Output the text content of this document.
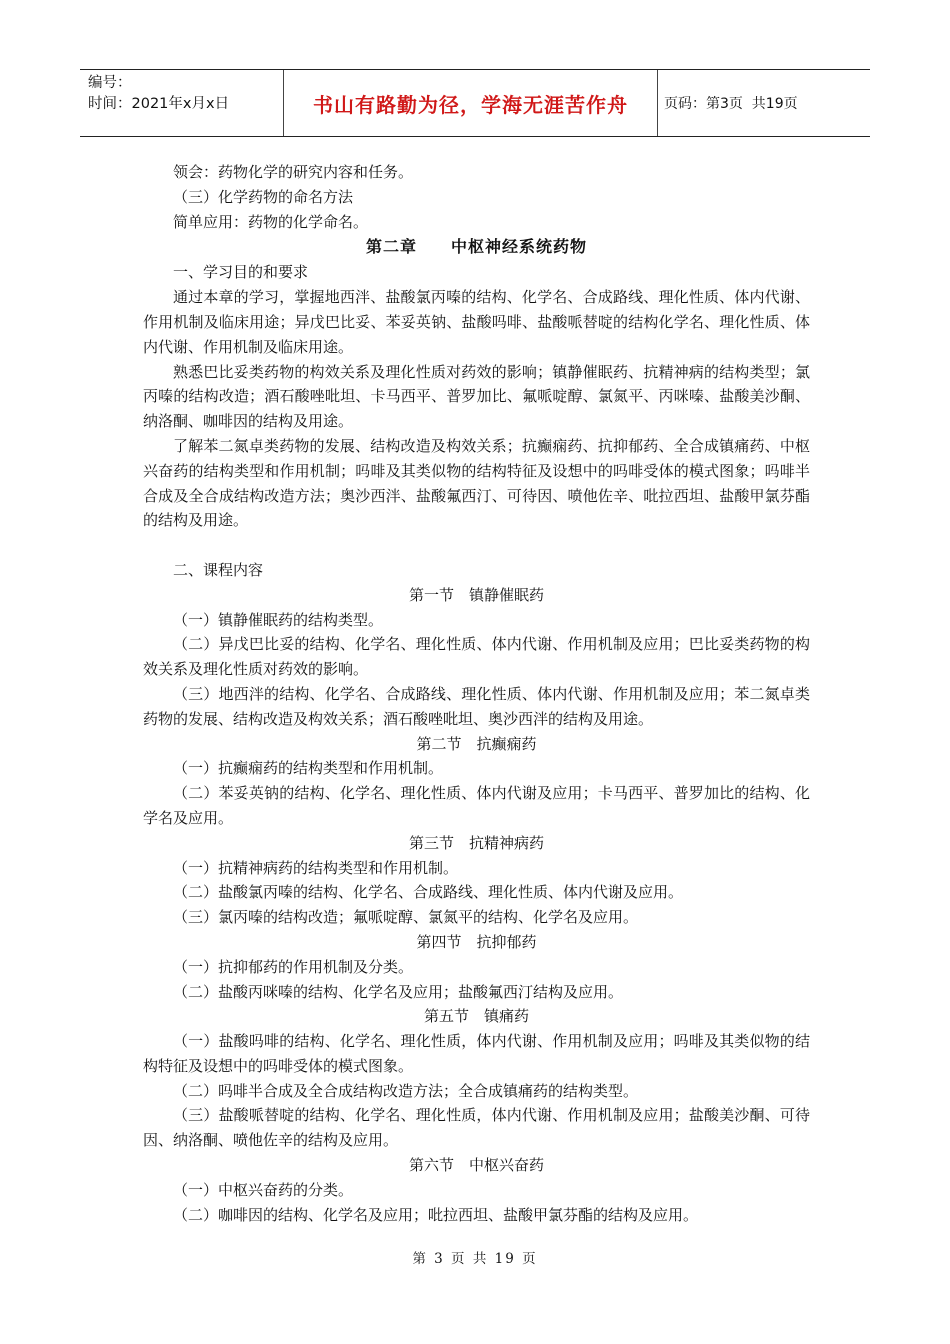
编号：
时间：2021年x月x日	书山有路勤为径，学海无涯苦作舟	页码：第3页  共19页

领会：药物化学的研究内容和任务。

（三）化学药物的命名方法

简单应用：药物的化学命名。

第二章　　中枢神经系统药物

一、学习目的和要求

通过本章的学习，掌握地西泮、盐酸氯丙嗪的结构、化学名、合成路线、理化性质、体内代谢、作用机制及临床用途；异戊巴比妥、苯妥英钠、盐酸吗啡、盐酸哌替啶的结构化学名、理化性质、体内代谢、作用机制及临床用途。

熟悉巴比妥类药物的构效关系及理化性质对药效的影响；镇静催眠药、抗精神病的结构类型；氯丙嗪的结构改造；酒石酸唑吡坦、卡马西平、普罗加比、氟哌啶醇、氯氮平、丙咪嗪、盐酸美沙酮、纳洛酮、咖啡因的结构及用途。

了解苯二氮卓类药物的发展、结构改造及构效关系；抗癫痫药、抗抑郁药、全合成镇痛药、中枢兴奋药的结构类型和作用机制；吗啡及其类似物的结构特征及设想中的吗啡受体的模式图象；吗啡半合成及全合成结构改造方法；奥沙西泮、盐酸氟西汀、可待因、喷他佐辛、吡拉西坦、盐酸甲氯芬酯的结构及用途。

二、课程内容

第一节　镇静催眠药

（一）镇静催眠药的结构类型。

（二）异戊巴比妥的结构、化学名、理化性质、体内代谢、作用机制及应用；巴比妥类药物的构效关系及理化性质对药效的影响。

（三）地西泮的结构、化学名、合成路线、理化性质、体内代谢、作用机制及应用；苯二氮卓类药物的发展、结构改造及构效关系；酒石酸唑吡坦、奥沙西泮的结构及用途。

第二节　抗癫痫药

（一）抗癫痫药的结构类型和作用机制。

（二）苯妥英钠的结构、化学名、理化性质、体内代谢及应用；卡马西平、普罗加比的结构、化学名及应用。

第三节　抗精神病药

（一）抗精神病药的结构类型和作用机制。

（二）盐酸氯丙嗪的结构、化学名、合成路线、理化性质、体内代谢及应用。

（三）氯丙嗪的结构改造；氟哌啶醇、氯氮平的结构、化学名及应用。

第四节　抗抑郁药

（一）抗抑郁药的作用机制及分类。

（二）盐酸丙咪嗪的结构、化学名及应用；盐酸氟西汀结构及应用。

第五节　镇痛药

（一）盐酸吗啡的结构、化学名、理化性质，体内代谢、作用机制及应用；吗啡及其类似物的结构特征及设想中的吗啡受体的模式图象。

（二）吗啡半合成及全合成结构改造方法；全合成镇痛药的结构类型。

（三）盐酸哌替啶的结构、化学名、理化性质，体内代谢、作用机制及应用；盐酸美沙酮、可待因、纳洛酮、喷他佐辛的结构及应用。

第六节　中枢兴奋药

（一）中枢兴奋药的分类。

（二）咖啡因的结构、化学名及应用；吡拉西坦、盐酸甲氯芬酯的结构及应用。

第 3 页 共 19 页
